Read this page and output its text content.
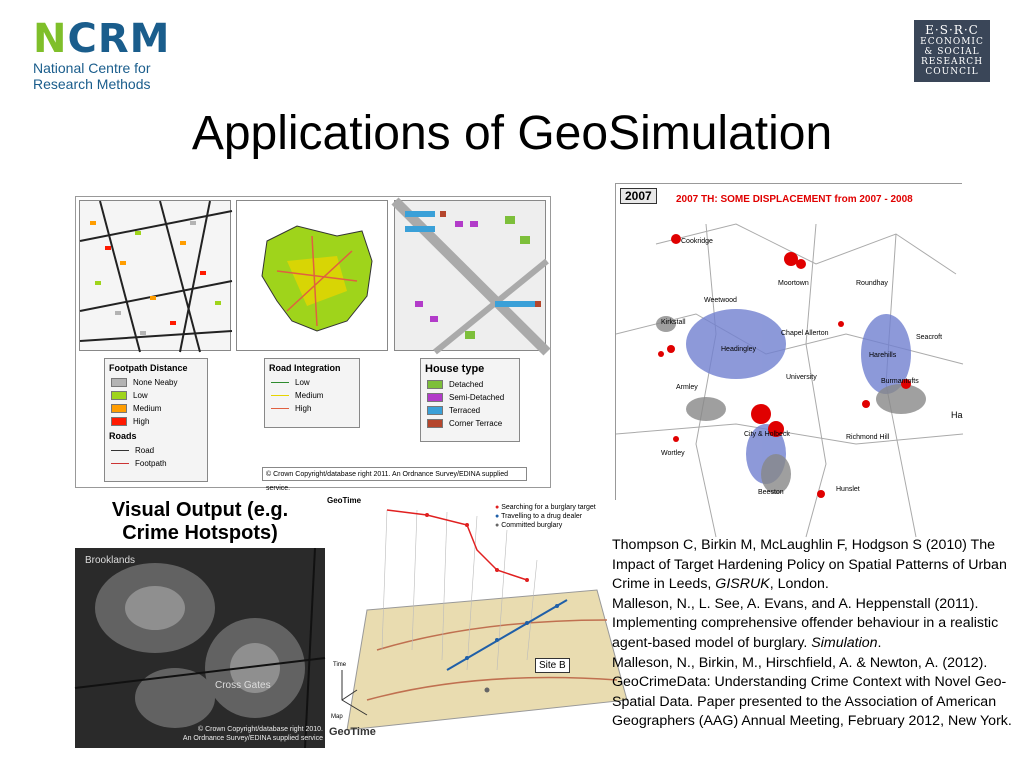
NCRM
National Centre for
Research Methods
E·S·R·C
ECONOMIC
& SOCIAL
RESEARCH
COUNCIL
Applications of GeoSimulation
Footpath Distance
None Neaby
Low
Medium
High
Roads
Road
Footpath
Road Integration
Low
Medium
High
House type
Detached
Semi-Detached
Terraced
Corner Terrace
© Crown Copyright/database right 2011. An Ordnance Survey/EDINA supplied service.
2007	2007 TH: SOME DISPLACEMENT from 2007 - 2008
Cookridge
Moortown	Roundhay
Weetwood
Kirkstall
Headingley
Chapel Allerton
Seacroft
Harehills
Burmantofts
University
Armley
City & Holbeck	Richmond Hill
Wortley
Beeston	Hunslet
Ha
Visual Output (e.g.
Crime Hotspots)
Brooklands
Cross Gates
© Crown Copyright/database right 2010.
An Ordnance Survey/EDINA supplied service
GeoTime
● Searching for a burglary target
● Travelling to a drug dealer
● Committed burglary
Site B
Time
Map
GeoTime

Thompson C, Birkin M, McLaughlin F, Hodgson S (2010) The Impact of Target Hardening Policy on Spatial Patterns of Urban Crime in Leeds, GISRUK, London.

Malleson, N., L. See, A. Evans, and A. Heppenstall (2011). Implementing comprehensive offender behaviour in a realistic agent-based model of burglary. Simulation.

Malleson, N., Birkin, M., Hirschfield, A. & Newton, A. (2012). GeoCrimeData: Understanding Crime Context with Novel Geo-Spatial Data. Paper presented to the Association of American Geographers (AAG) Annual Meeting, February 2012, New York.
